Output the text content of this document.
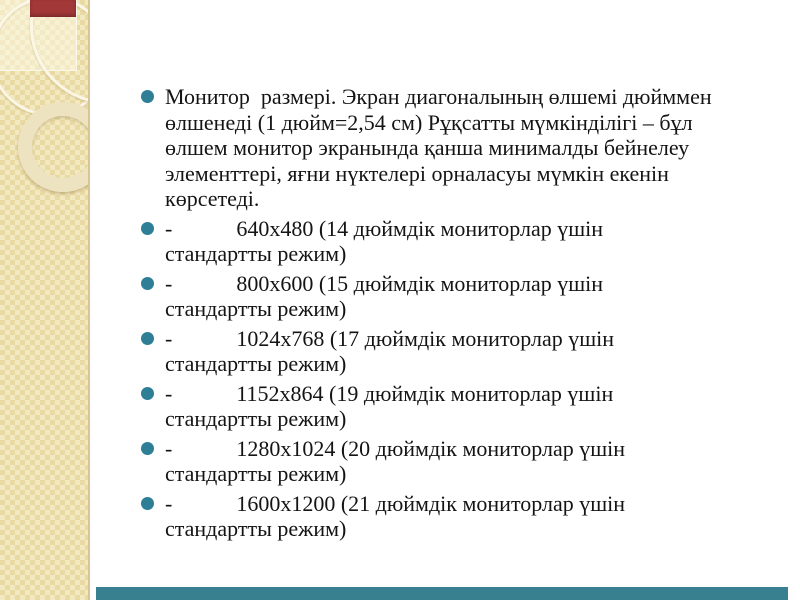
Монитор  размері. Экран диагоналының өлшемі дюйммен өлшенеді (1 дюйм=2,54 см) Рұқсатты мүмкінділігі – бұл өлшем монитор экранында қанша минималды бейнелеу элементтері, яғни нүктелері орналасуы мүмкін екенін көрсетеді.
-	640x480 (14 дюймдік мониторлар үшін стандартты режим)
-	800x600 (15 дюймдік мониторлар үшін стандартты режим)
-	1024x768 (17 дюймдік мониторлар үшін стандартты режим)
-	1152x864 (19 дюймдік мониторлар үшін стандартты режим)
-	1280x1024 (20 дюймдік мониторлар үшін стандартты режим)
-	1600x1200 (21 дюймдік мониторлар үшін стандартты режим)
